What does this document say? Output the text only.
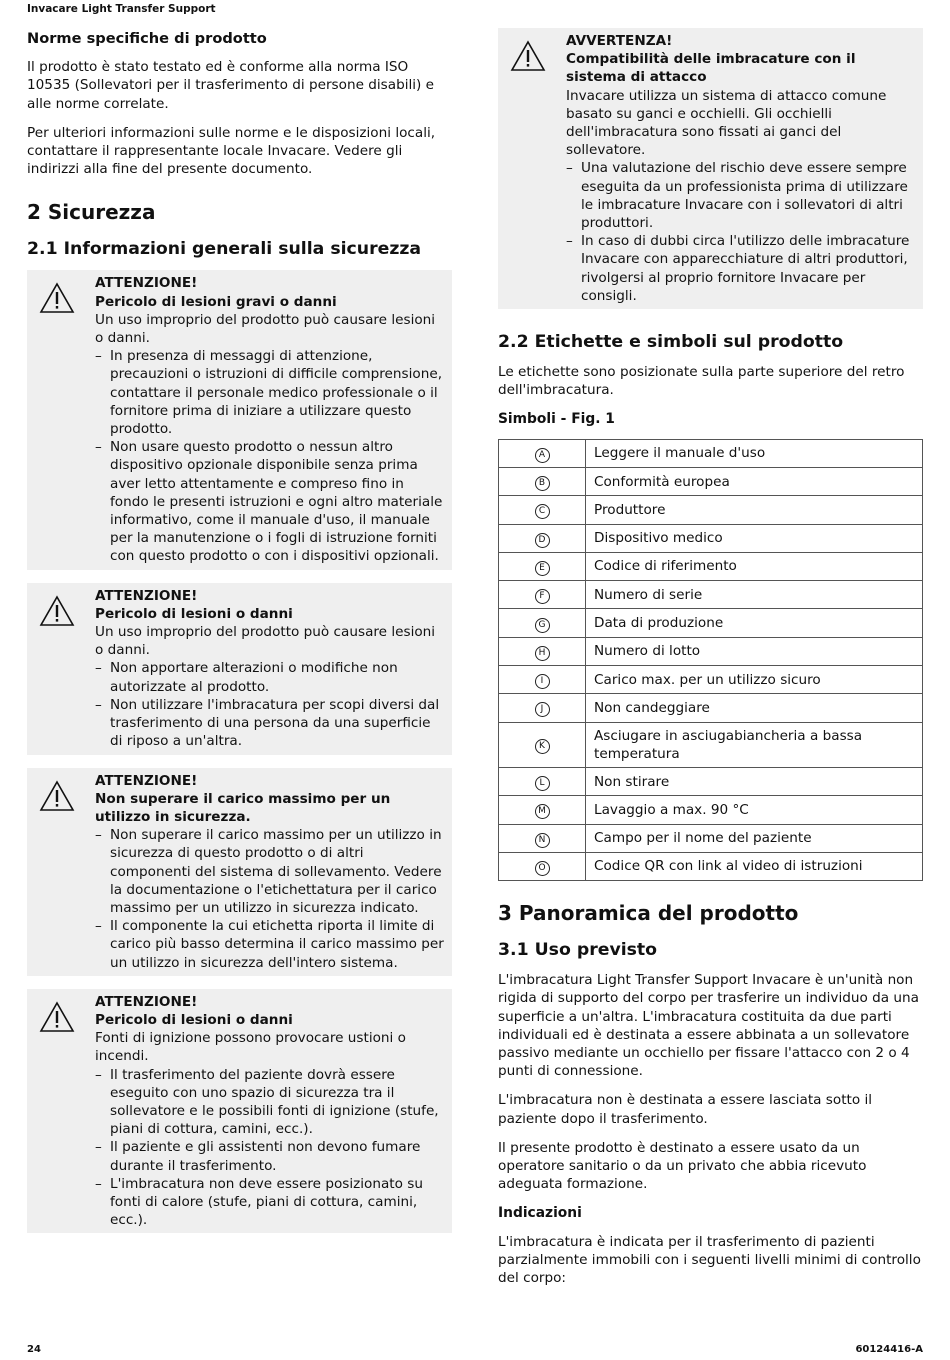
Invacare Light Transfer Support
Norme specifiche di prodotto

Il prodotto è stato testato ed è conforme alla norma ISO 10535 (Sollevatori per il trasferimento di persone disabili) e alle norme correlate.

Per ulteriori informazioni sulle norme e le disposizioni locali, contattare il rappresentante locale Invacare. Vedere gli indirizzi alla fine del presente documento.

2 Sicurezza
2.1 Informazioni generali sulla sicurezza
ATTENZIONE!
Pericolo di lesioni gravi o danni
Un uso improprio del prodotto può causare lesioni o danni.
– In presenza di messaggi di attenzione, precauzioni o istruzioni di difficile comprensione, contattare il personale medico professionale o il fornitore prima di iniziare a utilizzare questo prodotto.
– Non usare questo prodotto o nessun altro dispositivo opzionale disponibile senza prima aver letto attentamente e compreso fino in fondo le presenti istruzioni e ogni altro materiale informativo, come il manuale d'uso, il manuale per la manutenzione o i fogli di istruzione forniti con questo prodotto o con i dispositivi opzionali.
ATTENZIONE!
Pericolo di lesioni o danni
Un uso improprio del prodotto può causare lesioni o danni.
– Non apportare alterazioni o modifiche non autorizzate al prodotto.
– Non utilizzare l'imbracatura per scopi diversi dal trasferimento di una persona da una superficie di riposo a un'altra.
ATTENZIONE!
Non superare il carico massimo per un utilizzo in sicurezza.
– Non superare il carico massimo per un utilizzo in sicurezza di questo prodotto o di altri componenti del sistema di sollevamento. Vedere la documentazione o l'etichettatura per il carico massimo per un utilizzo in sicurezza indicato.
– Il componente la cui etichetta riporta il limite di carico più basso determina il carico massimo per un utilizzo in sicurezza dell'intero sistema.
ATTENZIONE!
Pericolo di lesioni o danni
Fonti di ignizione possono provocare ustioni o incendi.
– Il trasferimento del paziente dovrà essere eseguito con uno spazio di sicurezza tra il sollevatore e le possibili fonti di ignizione (stufe, piani di cottura, camini, ecc.).
– Il paziente e gli assistenti non devono fumare durante il trasferimento.
– L'imbracatura non deve essere posizionato su fonti di calore (stufe, piani di cottura, camini, ecc.).
AVVERTENZA!
Compatibilità delle imbracature con il sistema di attacco
Invacare utilizza un sistema di attacco comune basato su ganci e occhielli. Gli occhielli dell'imbracatura sono fissati ai ganci del sollevatore.
– Una valutazione del rischio deve essere sempre eseguita da un professionista prima di utilizzare le imbracature Invacare con i sollevatori di altri produttori.
– In caso di dubbi circa l'utilizzo delle imbracature Invacare con apparecchiature di altri produttori, rivolgersi al proprio fornitore Invacare per consigli.
2.2 Etichette e simboli sul prodotto

Le etichette sono posizionate sulla parte superiore del retro dell'imbracatura.

Simboli - Fig. 1
A	Leggere il manuale d'uso
B	Conformità europea
C	Produttore
D	Dispositivo medico
E	Codice di riferimento
F	Numero di serie
G	Data di produzione
H	Numero di lotto
I	Carico max. per un utilizzo sicuro
J	Non candeggiare
K	Asciugare in asciugabiancheria a bassa temperatura
L	Non stirare
M	Lavaggio a max. 90 °C
N	Campo per il nome del paziente
O	Codice QR con link al video di istruzioni
3 Panoramica del prodotto
3.1 Uso previsto

L'imbracatura Light Transfer Support Invacare è un'unità non rigida di supporto del corpo per trasferire un individuo da una superficie a un'altra. L'imbracatura costituita da due parti individuali ed è destinata a essere abbinata a un sollevatore passivo mediante un occhiello per fissare l'attacco con 2 o 4 punti di connessione.

L'imbracatura non è destinata a essere lasciata sotto il paziente dopo il trasferimento.

Il presente prodotto è destinato a essere usato da un operatore sanitario o da un privato che abbia ricevuto adeguata formazione.

Indicazioni

L'imbracatura è indicata per il trasferimento di pazienti parzialmente immobili con i seguenti livelli minimi di controllo del corpo:

24	60124416-A
